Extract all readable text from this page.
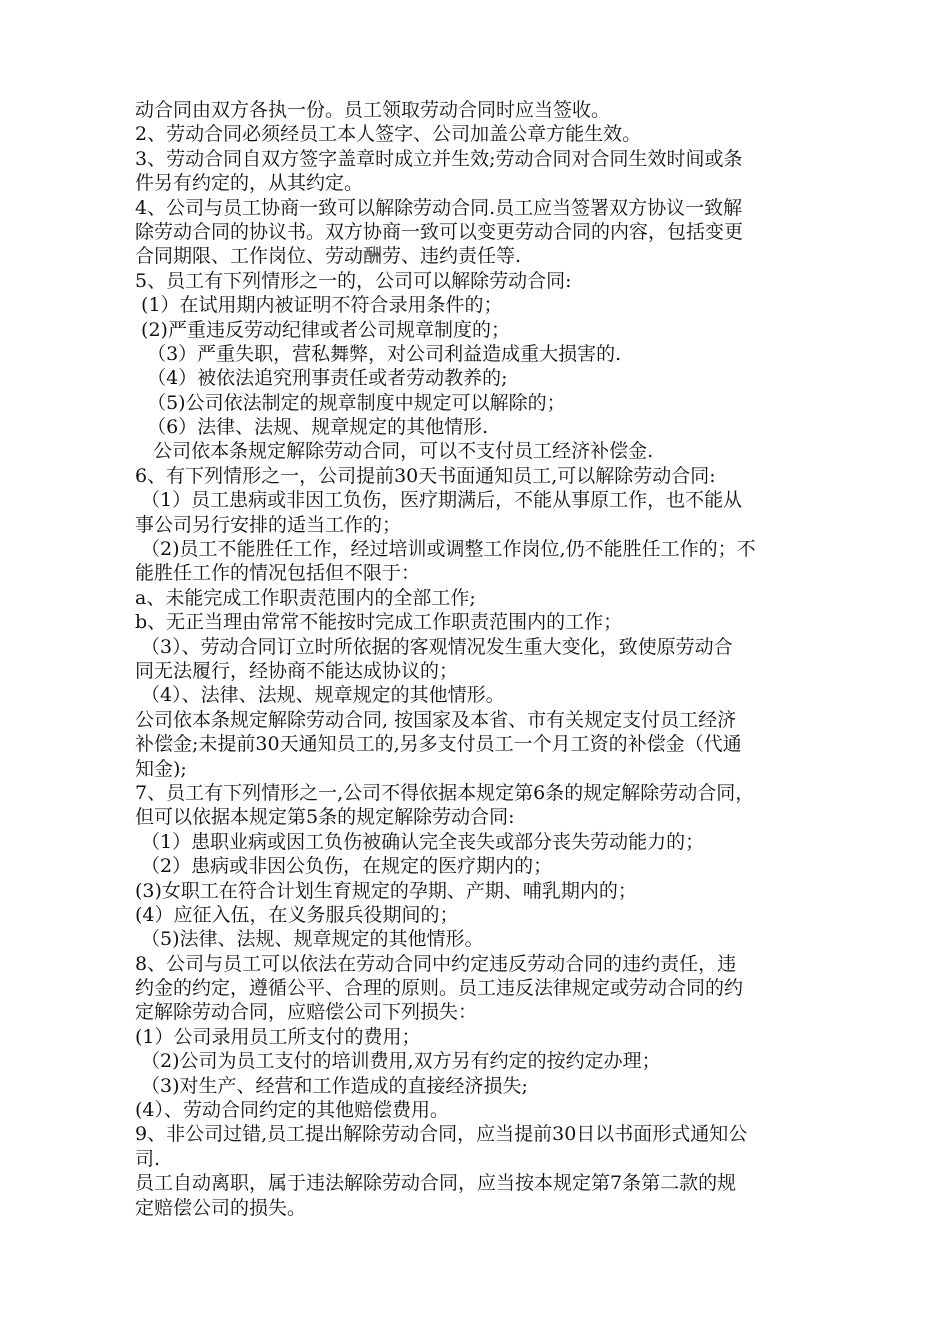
动合同由双方各执一份。员工领取劳动合同时应当签收。
2、劳动合同必须经员工本人签字、公司加盖公章方能生效。
3、劳动合同自双方签字盖章时成立并生效;劳动合同对合同生效时间或条
件另有约定的，从其约定。
4、公司与员工协商一致可以解除劳动合同.员工应当签署双方协议一致解
除劳动合同的协议书。双方协商一致可以变更劳动合同的内容，包括变更
合同期限、工作岗位、劳动酬劳、违约责任等.
5、员工有下列情形之一的，公司可以解除劳动合同:
(1）在试用期内被证明不符合录用条件的；
(2)严重违反劳动纪律或者公司规章制度的；
（3）严重失职，营私舞弊，对公司利益造成重大损害的.
（4）被依法追究刑事责任或者劳动教养的;
（5)公司依法制定的规章制度中规定可以解除的；
（6）法律、法规、规章规定的其他情形.
公司依本条规定解除劳动合同，可以不支付员工经济补偿金.
6、有下列情形之一，公司提前30天书面通知员工,可以解除劳动合同:
（1）员工患病或非因工负伤，医疗期满后，不能从事原工作，也不能从
事公司另行安排的适当工作的；
（2)员工不能胜任工作，经过培训或调整工作岗位,仍不能胜任工作的；不
能胜任工作的情况包括但不限于：
a、未能完成工作职责范围内的全部工作;
b、无正当理由常常不能按时完成工作职责范围内的工作；
（3）、劳动合同订立时所依据的客观情况发生重大变化，致使原劳动合
同无法履行，经协商不能达成协议的；
（4）、法律、法规、规章规定的其他情形。
公司依本条规定解除劳动合同, 按国家及本省、市有关规定支付员工经济
补偿金;未提前30天通知员工的,另多支付员工一个月工资的补偿金（代通
知金);
7、员工有下列情形之一,公司不得依据本规定第6条的规定解除劳动合同，
但可以依据本规定第5条的规定解除劳动合同:
（1）患职业病或因工负伤被确认完全丧失或部分丧失劳动能力的；
（2）患病或非因公负伤，在规定的医疗期内的；
(3)女职工在符合计划生育规定的孕期、产期、哺乳期内的；
(4）应征入伍，在义务服兵役期间的；
（5)法律、法规、规章规定的其他情形。
8、公司与员工可以依法在劳动合同中约定违反劳动合同的违约责任，违
约金的约定，遵循公平、合理的原则。员工违反法律规定或劳动合同的约
定解除劳动合同，应赔偿公司下列损失：
(1）公司录用员工所支付的费用；
（2)公司为员工支付的培训费用,双方另有约定的按约定办理；
（3)对生产、经营和工作造成的直接经济损失;
(4）、劳动合同约定的其他赔偿费用。
9、非公司过错,员工提出解除劳动合同，应当提前30日以书面形式通知公
司.
员工自动离职，属于违法解除劳动合同，应当按本规定第7条第二款的规
定赔偿公司的损失。
